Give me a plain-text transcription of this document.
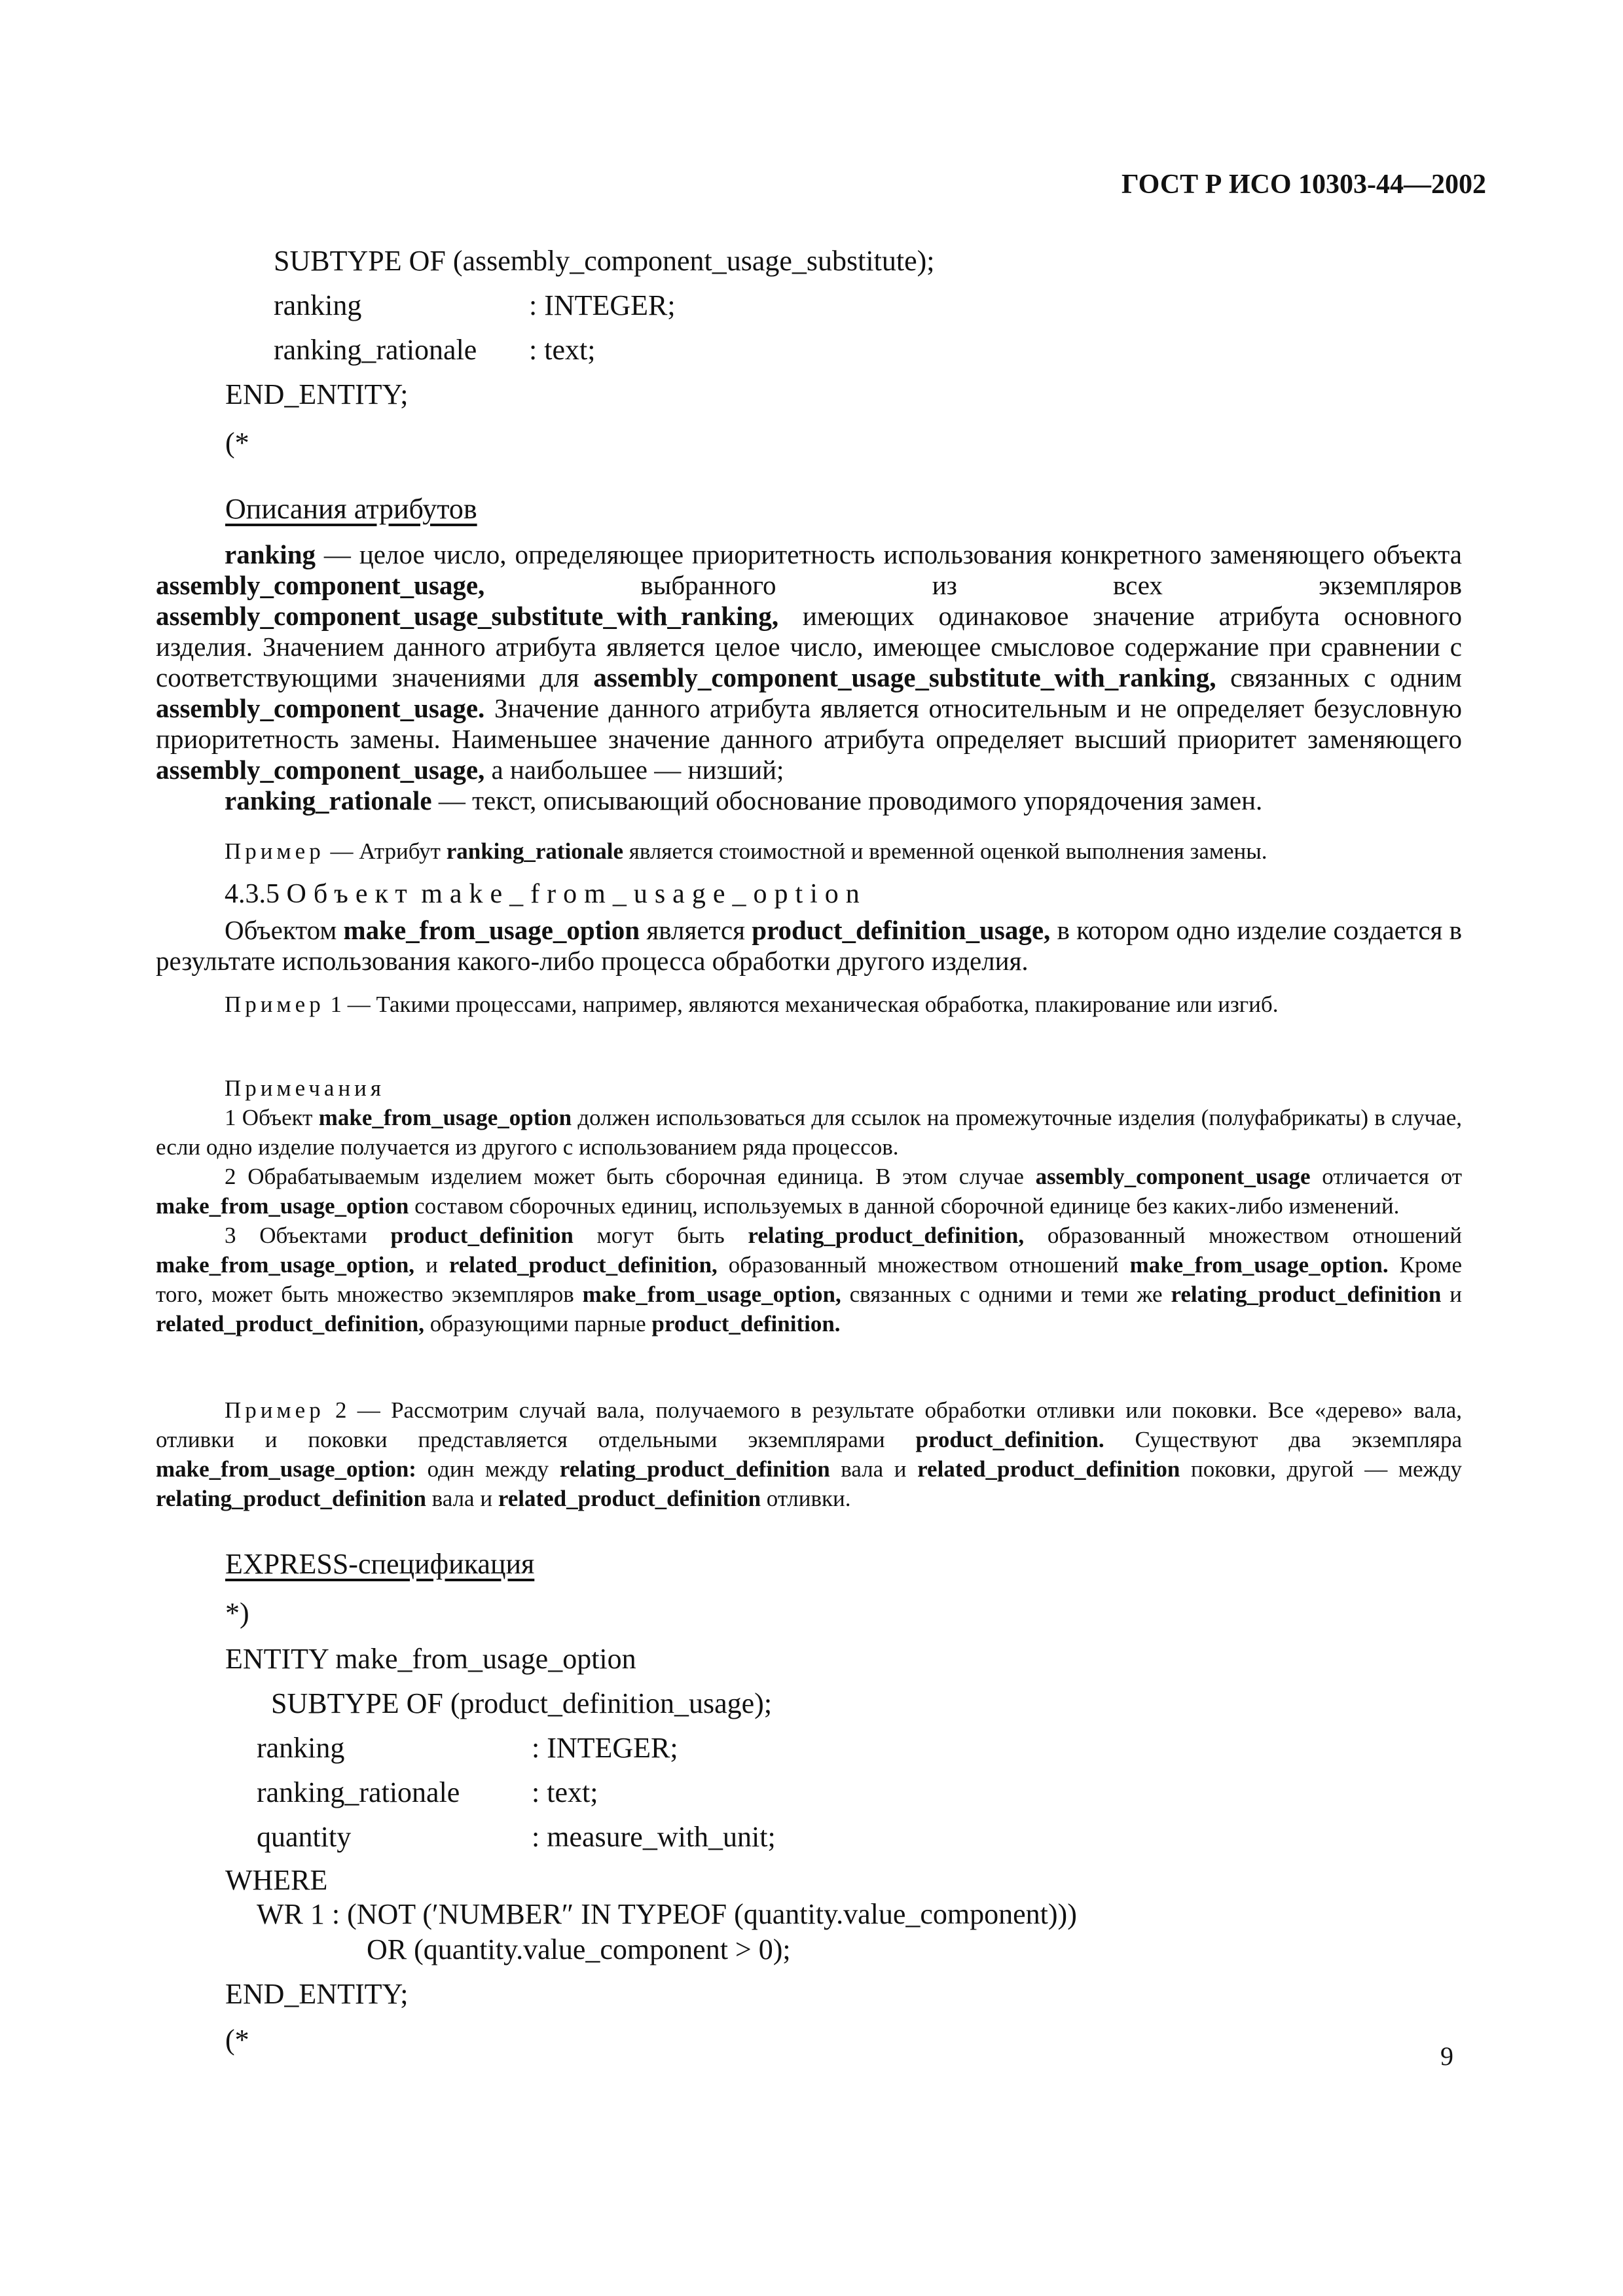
ГОСТ Р ИСО 10303-44—2002
SUBTYPE OF (assembly_component_usage_substitute);
ranking	: INTEGER;
ranking_rationale : text;
END_ENTITY;
(*
Описания атрибутов

ranking — целое число, определяющее приоритетность использования конкретного заменяющего объекта assembly_component_usage, выбранного из всех экземпляров assembly_component_usage_substitute_with_ranking, имеющих одинаковое значение атрибута основного изделия. Значением данного атрибута является целое число, имеющее смысловое содержание при сравнении с соответствующими значениями для assembly_component_usage_substitute_with_ranking, связанных с одним assembly_component_usage. Значение данного атрибута является относительным и не определяет безусловную приоритетность замены. Наименьшее значение данного атрибута определяет высший приоритет заменяющего assembly_component_usage, а наибольшее — низший;

ranking_rationale — текст, описывающий обоснование проводимого упорядочения замен.

Пример — Атрибут ranking_rationale является стоимостной и временной оценкой выполнения замены.

4.3.5 Объект make_from_usage_option

Объектом make_from_usage_option является product_definition_usage, в котором одно изделие создается в результате использования какого-либо процесса обработки другого изделия.

Пример 1 — Такими процессами, например, являются механическая обработка, плакирование или изгиб.

Примечания

1 Объект make_from_usage_option должен использоваться для ссылок на промежуточные изделия (полуфабрикаты) в случае, если одно изделие получается из другого с использованием ряда процессов.

2 Обрабатываемым изделием может быть сборочная единица. В этом случае assembly_component_usage отличается от make_from_usage_option составом сборочных единиц, используемых в данной сборочной единице без каких-либо изменений.

3 Объектами product_definition могут быть relating_product_definition, образованный множеством отношений make_from_usage_option, и related_product_definition, образованный множеством отношений make_from_usage_option. Кроме того, может быть множество экземпляров make_from_usage_option, связанных с одними и теми же relating_product_definition и related_product_definition, образующими парные product_definition.

Пример 2 — Рассмотрим случай вала, получаемого в результате обработки отливки или поковки. Все «дерево» вала, отливки и поковки представляется отдельными экземплярами product_definition. Существуют два экземпляра make_from_usage_option: один между relating_product_definition вала и related_product_definition поковки, другой — между relating_product_definition вала и related_product_definition отливки.

EXPRESS-спецификация
*)
ENTITY make_from_usage_option
SUBTYPE OF (product_definition_usage);
ranking	: INTEGER;
ranking_rationale : text;
quantity	: measure_with_unit;
WHERE
WR 1 : (NOT (′NUMBER″ IN TYPEOF (quantity.value_component)))
OR (quantity.value_component > 0);
END_ENTITY;
(*
9
